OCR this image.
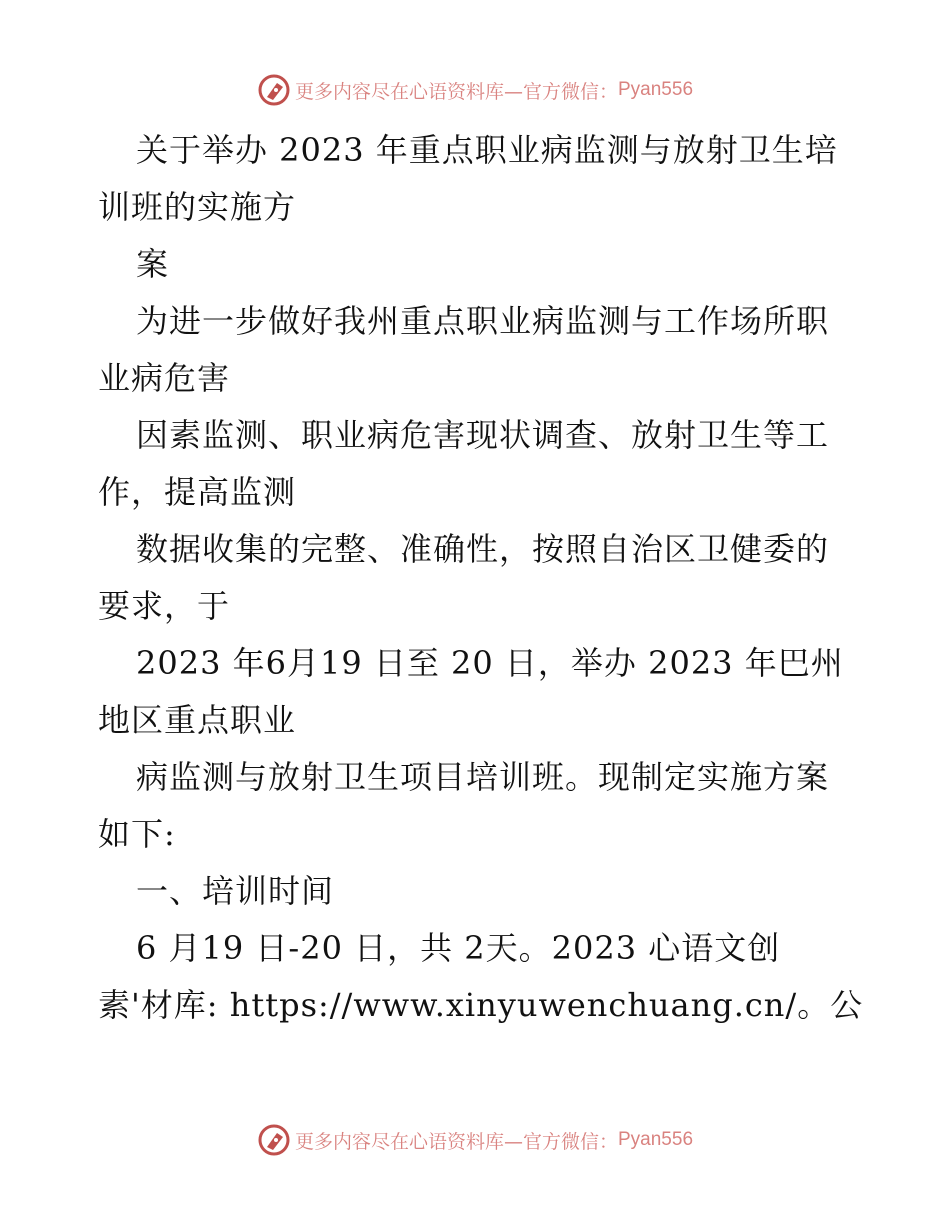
更多内容尽在心语资料库—官方微信： Pyan556
关于举办 2023 年重点职业病监测与放射卫生培
训班的实施方
案
为进一步做好我州重点职业病监测与工作场所职
业病危害
因素监测、职业病危害现状调查、放射卫生等工
作，提高监测
数据收集的完整、准确性，按照自治区卫健委的
要求，于
2023 年6月19 日至 20 日，举办 2023 年巴州
地区重点职业
病监测与放射卫生项目培训班。现制定实施方案
如下:
一、培训时间
6 月19 日-20 日，共 2天。2023 心语文创
素'材库: https://www.xinyuwenchuang.cn/。公
更多内容尽在心语资料库—官方微信： Pyan556
